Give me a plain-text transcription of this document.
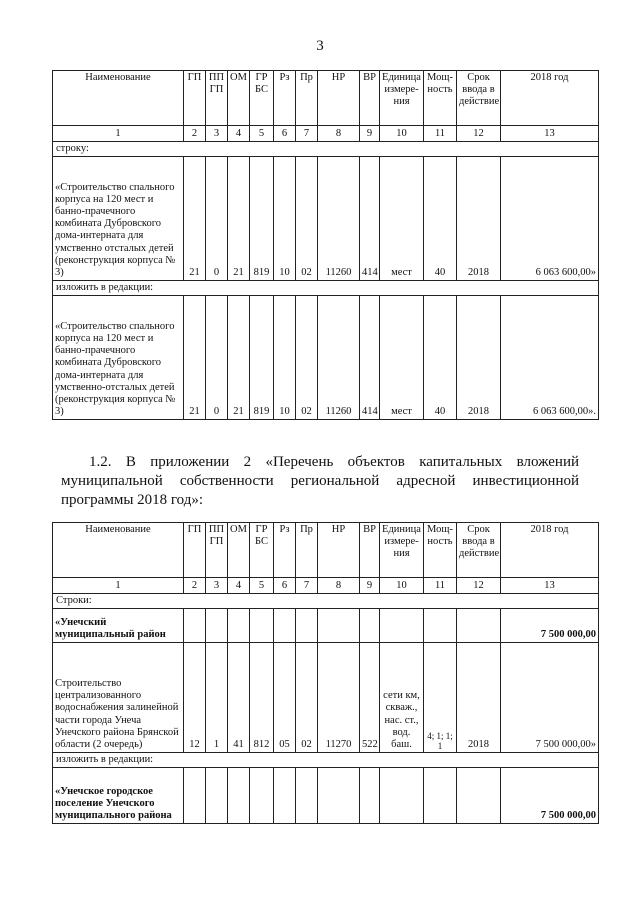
3
Наименование	ГП	ПП ГП	ОМ	ГР БС	Рз	Пр	НР	ВР	Единица измере-ния	Мощ-ность	Срок ввода в действие	2018 год
1	2	3	4	5	6	7	8	9	10	11	12	13
строку:												
«Строительство спального корпуса на 120 мест и банно-прачечного комбината Дубровского дома-интерната для умственно отсталых детей (реконструкция корпуса № 3)	21	0	21	819	10	02	11260	414	мест	40	2018	6 063 600,00»
изложить в редакции:												
«Строительство спального корпуса на 120 мест и банно-прачечного комбината Дубровского дома-интерната для умственно-отсталых детей (реконструкция корпуса № 3)	21	0	21	819	10	02	11260	414	мест	40	2018	6 063 600,00».
1.2. В приложении 2 «Перечень объектов капитальных вложений муниципальной собственности региональной адресной инвестиционной программы 2018 год»:
Наименование	ГП	ПП ГП	ОМ	ГР БС	Рз	Пр	НР	ВР	Единица измере-ния	Мощ-ность	Срок ввода в действие	2018 год
1	2	3	4	5	6	7	8	9	10	11	12	13
Строки:												
«Унечский муниципальный район												7 500 000,00
Строительство централизованного водоснабжения залинейной части города Унеча Унечского района Брянской области (2 очередь)	12	1	41	812	05	02	11270	522	сети км, скваж., нас. ст., вод. баш.	4; 1; 1; 1	2018	7 500 000,00»
изложить в редакции:												
«Унечское городское поселение Унечского муниципального района												7 500 000,00
